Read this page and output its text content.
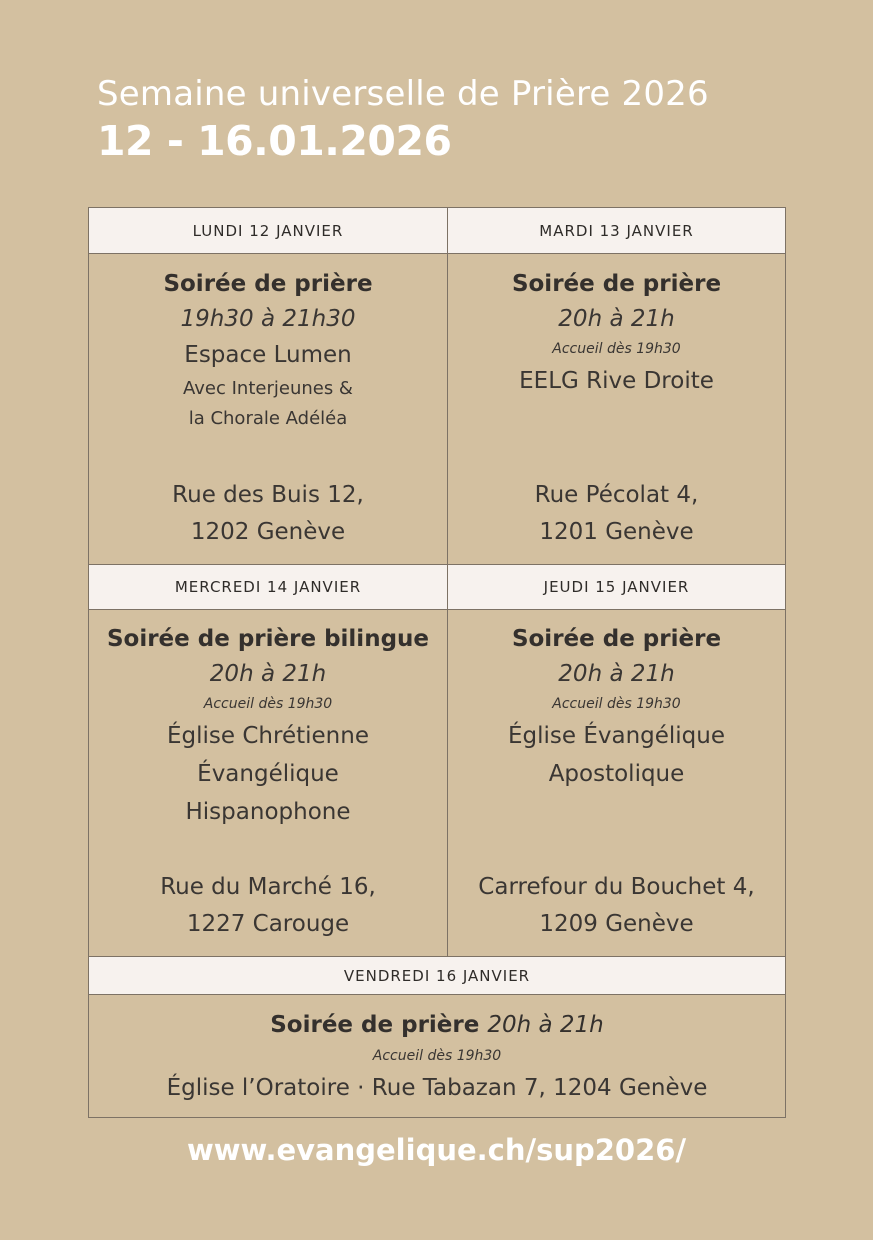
Semaine universelle de Prière 2026
12 - 16.01.2026
LUNDI 12 JANVIER	MARDI 13 JANVIER
Soirée de prière
19h30 à 21h30
Espace Lumen
Avec Interjeunes &
la Chorale Adéléa
Rue des Buis 12,
1202 Genève
Soirée de prière
20h à 21h
Accueil dès 19h30
EELG Rive Droite
Rue Pécolat 4,
1201 Genève
MERCREDI 14 JANVIER	JEUDI 15 JANVIER
Soirée de prière bilingue
20h à 21h
Accueil dès 19h30
Église Chrétienne
Évangélique
Hispanophone
Rue du Marché 16,
1227 Carouge
Soirée de prière
20h à 21h
Accueil dès 19h30
Église Évangélique
Apostolique
Carrefour du Bouchet 4,
1209 Genève
VENDREDI 16 JANVIER
Soirée de prière 20h à 21h
Accueil dès 19h30
Église l’Oratoire · Rue Tabazan 7, 1204 Genève
www.evangelique.ch/sup2026/
